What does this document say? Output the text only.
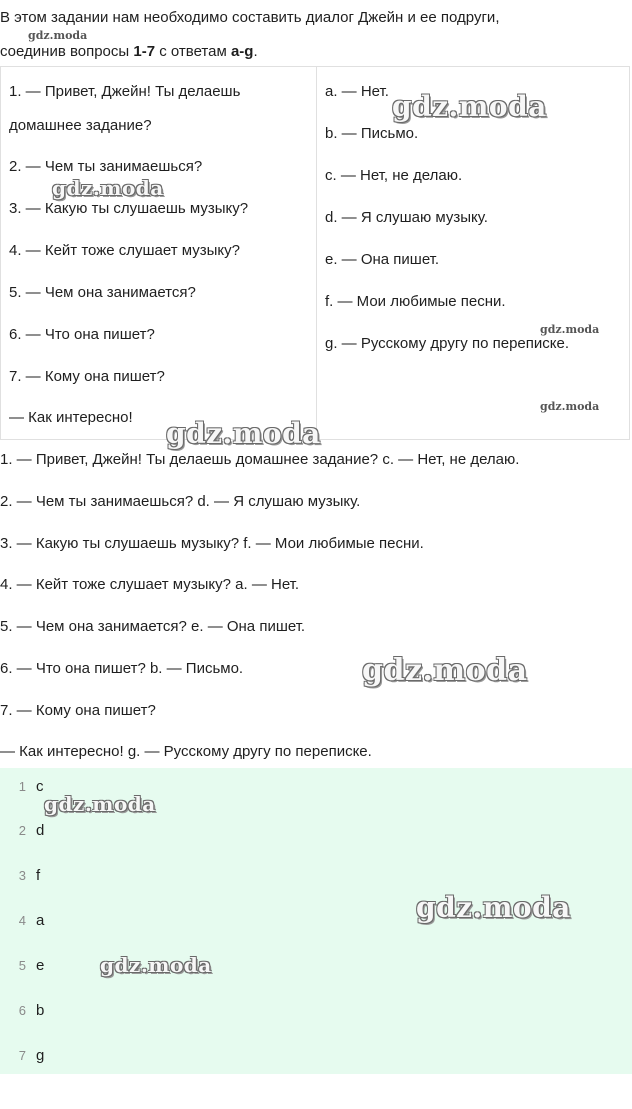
В этом задании нам необходимо составить диалог Джейн и ее подруги,
соединив вопросы 1-7 с ответам a-g.
gdz.moda
1. — Привет, Джейн! Ты делаешь
домашнее задание?
2. — Чем ты занимаешься?
3. — Какую ты слушаешь музыку?
4. — Кейт тоже слушает музыку?
5. — Чем она занимается?
6. — Что она пишет?
7. — Кому она пишет?
— Как интересно!
a. — Нет.
b. — Письмо.
c. — Нет, не делаю.
d. — Я слушаю музыку.
e. — Она пишет.
f. — Мои любимые песни.
g. — Русскому другу по переписке.
gdz.moda
gdz.moda
gdz.moda
gdz.moda
gdz.moda
1. — Привет, Джейн! Ты делаешь домашнее задание? c. — Нет, не делаю.
2. — Чем ты занимаешься? d. — Я слушаю музыку.
3. — Какую ты слушаешь музыку? f. — Мои любимые песни.
4. — Кейт тоже слушает музыку? a. — Нет.
5. — Чем она занимается? e. — Она пишет.
6. — Что она пишет? b. — Письмо.
7. — Кому она пишет?
— Как интересно! g. — Русскому другу по переписке.
gdz.moda
1 c
2 d
3 f
4 a
5 e
6 b
7 g
gdz.moda
gdz.moda
gdz.moda
